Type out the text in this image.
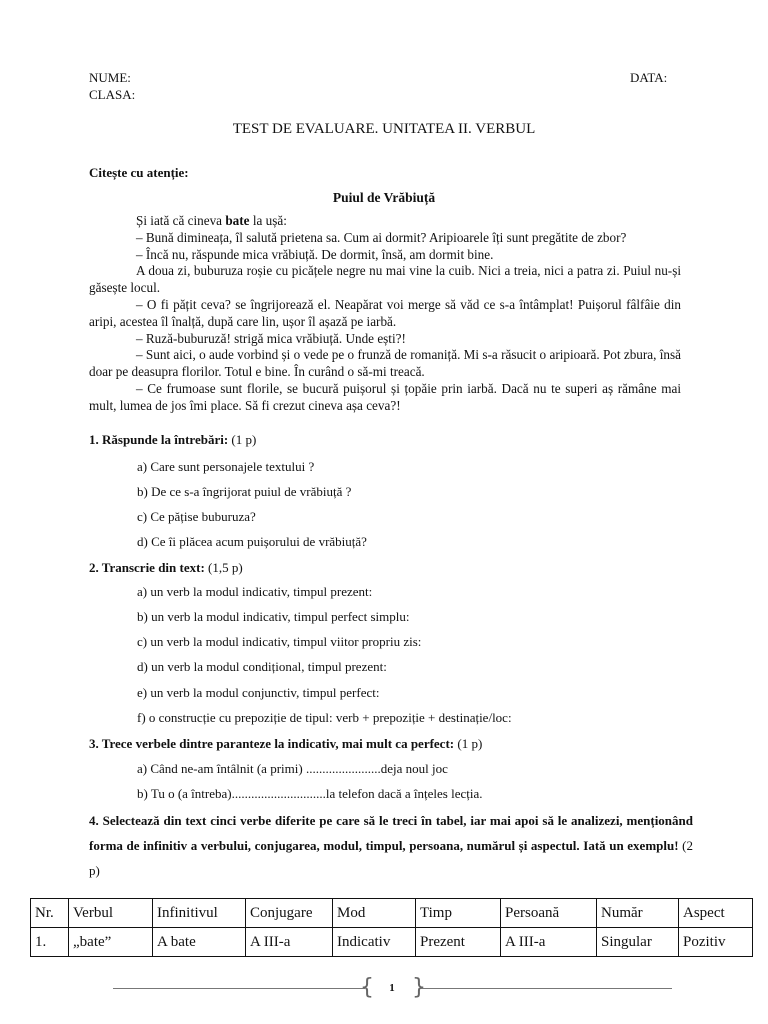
NUME:	DATA:

CLASA:

TEST DE EVALUARE. UNITATEA II. VERBUL

Citește cu atenție:

Puiul de Vrăbiuță

Și iată că cineva bate la ușă:

– Bună dimineața, îl salută prietena sa. Cum ai dormit? Aripioarele îți sunt pregătite de zbor?

– Încă nu, răspunde mica vrăbiuță. De dormit, însă, am dormit bine.

A doua zi, buburuza roșie cu picățele negre nu mai vine la cuib. Nici a treia, nici a patra zi. Puiul nu-și găsește locul.

– O fi pățit ceva? se îngrijorează el. Neapărat voi merge să văd ce s-a întâmplat! Puișorul fâlfâie din aripi, acestea îl înalță, după care lin, ușor îl așază pe iarbă.

– Ruză-buburuză! strigă mica vrăbiuță. Unde ești?!

– Sunt aici, o aude vorbind și o vede pe o frunză de romaniță. Mi s-a răsucit o aripioară. Pot zbura, însă doar pe deasupra florilor. Totul e bine. În curând o să-mi treacă.

– Ce frumoase sunt florile, se bucură puișorul și țopăie prin iarbă. Dacă nu te superi aș rămâne mai mult, lumea de jos îmi place. Să fi crezut cineva așa ceva?!

1. Răspunde la întrebări: (1 p)

a) Care sunt personajele textului ?

b) De ce s-a îngrijorat puiul de vrăbiuță ?

c) Ce pățise buburuza?

d) Ce îi plăcea acum puișorului de vrăbiuță?

2. Transcrie din text: (1,5 p)

a) un verb la modul indicativ, timpul prezent:

b) un verb la modul indicativ, timpul perfect simplu:

c) un verb la modul indicativ, timpul viitor propriu zis:

d) un verb la modul condițional, timpul prezent:

e) un verb la modul conjunctiv, timpul perfect:

f) o construcție cu prepoziție de tipul: verb + prepoziție + destinație/loc:

3. Trece verbele dintre paranteze la indicativ, mai mult ca perfect: (1 p)

a) Când ne-am întâlnit (a primi) .......................deja noul joc

b) Tu o (a întreba).............................la telefon dacă a înțeles lecția.

4. Selectează din text cinci verbe diferite pe care să le treci în tabel, iar mai apoi să le analizezi, menționând forma de infinitiv a verbului, conjugarea, modul, timpul, persoana, numărul și aspectul. Iată un exemplu! (2 p)
Nr.	Verbul	Infinitivul	Conjugare	Mod	Timp	Persoană	Număr	Aspect
1.	„bate”	A bate	A III-a	Indicativ	Prezent	A III-a	Singular	Pozitiv
{ }
1
